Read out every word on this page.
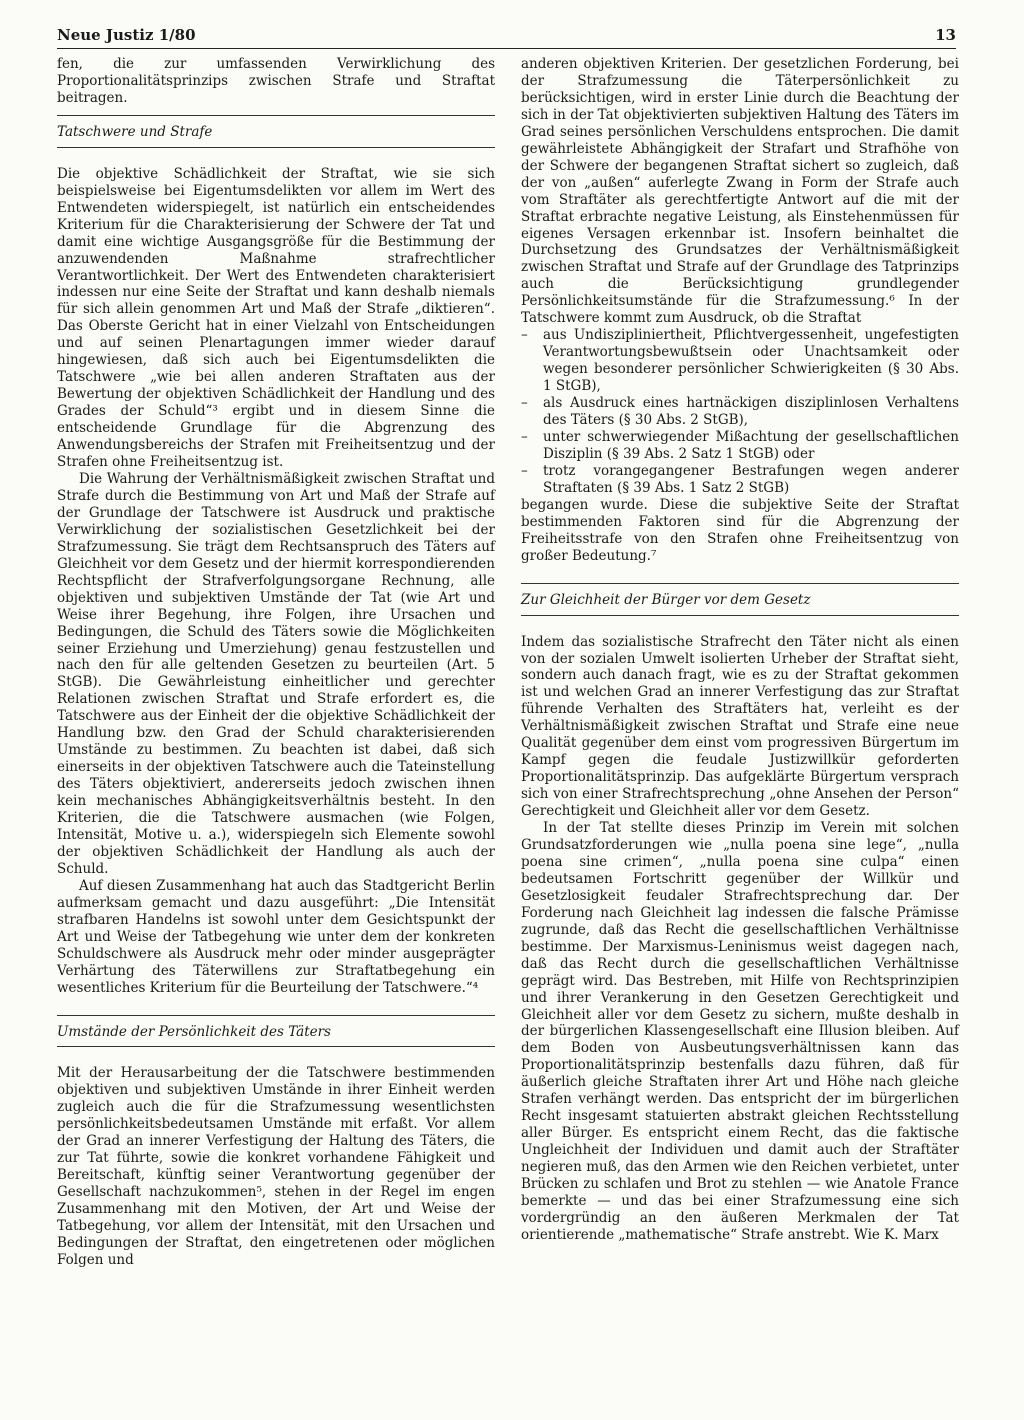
Neue Justiz 1/80	13

fen, die zur umfassenden Verwirklichung des Proportionalitätsprinzips zwischen Strafe und Straftat beitragen.

Tatschwere und Strafe

Die objektive Schädlichkeit der Straftat, wie sie sich beispielsweise bei Eigentumsdelikten vor allem im Wert des Entwendeten widerspiegelt, ist natürlich ein entscheidendes Kriterium für die Charakterisierung der Schwere der Tat und damit eine wichtige Ausgangsgröße für die Bestimmung der anzuwendenden Maßnahme strafrechtlicher Verantwortlichkeit. Der Wert des Entwendeten charakterisiert indessen nur eine Seite der Straftat und kann deshalb niemals für sich allein genommen Art und Maß der Strafe „diktieren“. Das Oberste Gericht hat in einer Vielzahl von Entscheidungen und auf seinen Plenartagungen immer wieder darauf hingewiesen, daß sich auch bei Eigentumsdelikten die Tatschwere „wie bei allen anderen Straftaten aus der Bewertung der objektiven Schädlichkeit der Handlung und des Grades der Schuld“³ ergibt und in diesem Sinne die entscheidende Grundlage für die Abgrenzung des Anwendungsbereichs der Strafen mit Freiheitsentzug und der Strafen ohne Freiheitsentzug ist.

Die Wahrung der Verhältnismäßigkeit zwischen Straftat und Strafe durch die Bestimmung von Art und Maß der Strafe auf der Grundlage der Tatschwere ist Ausdruck und praktische Verwirklichung der sozialistischen Gesetzlichkeit bei der Strafzumessung. Sie trägt dem Rechtsanspruch des Täters auf Gleichheit vor dem Gesetz und der hiermit korrespondierenden Rechtspflicht der Strafverfolgungsorgane Rechnung, alle objektiven und subjektiven Umstände der Tat (wie Art und Weise ihrer Begehung, ihre Folgen, ihre Ursachen und Bedingungen, die Schuld des Täters sowie die Möglichkeiten seiner Erziehung und Umerziehung) genau festzustellen und nach den für alle geltenden Gesetzen zu beurteilen (Art. 5 StGB). Die Gewährleistung einheitlicher und gerechter Relationen zwischen Straftat und Strafe erfordert es, die Tatschwere aus der Einheit der die objektive Schädlichkeit der Handlung bzw. den Grad der Schuld charakterisierenden Umstände zu bestimmen. Zu beachten ist dabei, daß sich einerseits in der objektiven Tatschwere auch die Tateinstellung des Täters objektiviert, andererseits jedoch zwischen ihnen kein mechanisches Abhängigkeitsverhältnis besteht. In den Kriterien, die die Tatschwere ausmachen (wie Folgen, Intensität, Motive u. a.), widerspiegeln sich Elemente sowohl der objektiven Schädlichkeit der Handlung als auch der Schuld.

Auf diesen Zusammenhang hat auch das Stadtgericht Berlin aufmerksam gemacht und dazu ausgeführt: „Die Intensität strafbaren Handelns ist sowohl unter dem Gesichtspunkt der Art und Weise der Tatbegehung wie unter dem der konkreten Schuldschwere als Ausdruck mehr oder minder ausgeprägter Verhärtung des Täterwillens zur Straftatbegehung ein wesentliches Kriterium für die Beurteilung der Tatschwere.“⁴

Umstände der Persönlichkeit des Täters

Mit der Herausarbeitung der die Tatschwere bestimmenden objektiven und subjektiven Umstände in ihrer Einheit werden zugleich auch die für die Strafzumessung wesentlichsten persönlichkeitsbedeutsamen Umstände mit erfaßt. Vor allem der Grad an innerer Verfestigung der Haltung des Täters, die zur Tat führte, sowie die konkret vorhandene Fähigkeit und Bereitschaft, künftig seiner Verantwortung gegenüber der Gesellschaft nachzukommen⁵, stehen in der Regel im engen Zusammenhang mit den Motiven, der Art und Weise der Tatbegehung, vor allem der Intensität, mit den Ursachen und Bedingungen der Straftat, den eingetretenen oder möglichen Folgen und

anderen objektiven Kriterien. Der gesetzlichen Forderung, bei der Strafzumessung die Täterpersönlichkeit zu berücksichtigen, wird in erster Linie durch die Beachtung der sich in der Tat objektivierten subjektiven Haltung des Täters im Grad seines persönlichen Verschuldens entsprochen. Die damit gewährleistete Abhängigkeit der Strafart und Strafhöhe von der Schwere der begangenen Straftat sichert so zugleich, daß der von „außen“ auferlegte Zwang in Form der Strafe auch vom Straftäter als gerechtfertigte Antwort auf die mit der Straftat erbrachte negative Leistung, als Einstehenmüssen für eigenes Versagen erkennbar ist. Insofern beinhaltet die Durchsetzung des Grundsatzes der Verhältnismäßigkeit zwischen Straftat und Strafe auf der Grundlage des Tatprinzips auch die Berücksichtigung grundlegender Persönlichkeitsumstände für die Strafzumessung.⁶ In der Tatschwere kommt zum Ausdruck, ob die Straftat

– aus Undiszipliniertheit, Pflichtvergessenheit, ungefestigten Verantwortungsbewußtsein oder Unachtsamkeit oder wegen besonderer persönlicher Schwierigkeiten (§ 30 Abs. 1 StGB),
– als Ausdruck eines hartnäckigen disziplinlosen Verhaltens des Täters (§ 30 Abs. 2 StGB),
– unter schwerwiegender Mißachtung der gesellschaftlichen Disziplin (§ 39 Abs. 2 Satz 1 StGB) oder
– trotz vorangegangener Bestrafungen wegen anderer Straftaten (§ 39 Abs. 1 Satz 2 StGB)

begangen wurde. Diese die subjektive Seite der Straftat bestimmenden Faktoren sind für die Abgrenzung der Freiheitsstrafe von den Strafen ohne Freiheitsentzug von großer Bedeutung.⁷

Zur Gleichheit der Bürger vor dem Gesetz

Indem das sozialistische Strafrecht den Täter nicht als einen von der sozialen Umwelt isolierten Urheber der Straftat sieht, sondern auch danach fragt, wie es zu der Straftat gekommen ist und welchen Grad an innerer Verfestigung das zur Straftat führende Verhalten des Straftäters hat, verleiht es der Verhältnismäßigkeit zwischen Straftat und Strafe eine neue Qualität gegenüber dem einst vom progressiven Bürgertum im Kampf gegen die feudale Justizwillkür geforderten Proportionalitätsprinzip. Das aufgeklärte Bürgertum versprach sich von einer Strafrechtsprechung „ohne Ansehen der Person“ Gerechtigkeit und Gleichheit aller vor dem Gesetz.

In der Tat stellte dieses Prinzip im Verein mit solchen Grundsatzforderungen wie „nulla poena sine lege“, „nulla poena sine crimen“, „nulla poena sine culpa“ einen bedeutsamen Fortschritt gegenüber der Willkür und Gesetzlosigkeit feudaler Strafrechtsprechung dar. Der Forderung nach Gleichheit lag indessen die falsche Prämisse zugrunde, daß das Recht die gesellschaftlichen Verhältnisse bestimme. Der Marxismus-Leninismus weist dagegen nach, daß das Recht durch die gesellschaftlichen Verhältnisse geprägt wird. Das Bestreben, mit Hilfe von Rechtsprinzipien und ihrer Verankerung in den Gesetzen Gerechtigkeit und Gleichheit aller vor dem Gesetz zu sichern, mußte deshalb in der bürgerlichen Klassengesellschaft eine Illusion bleiben. Auf dem Boden von Ausbeutungsverhältnissen kann das Proportionalitätsprinzip bestenfalls dazu führen, daß für äußerlich gleiche Straftaten ihrer Art und Höhe nach gleiche Strafen verhängt werden. Das entspricht der im bürgerlichen Recht insgesamt statuierten abstrakt gleichen Rechtsstellung aller Bürger. Es entspricht einem Recht, das die faktische Ungleichheit der Individuen und damit auch der Straftäter negieren muß, das den Armen wie den Reichen verbietet, unter Brücken zu schlafen und Brot zu stehlen — wie Anatole France bemerkte — und das bei einer Strafzumessung eine sich vordergründig an den äußeren Merkmalen der Tat orientierende „mathematische“ Strafe anstrebt. Wie K. Marx
